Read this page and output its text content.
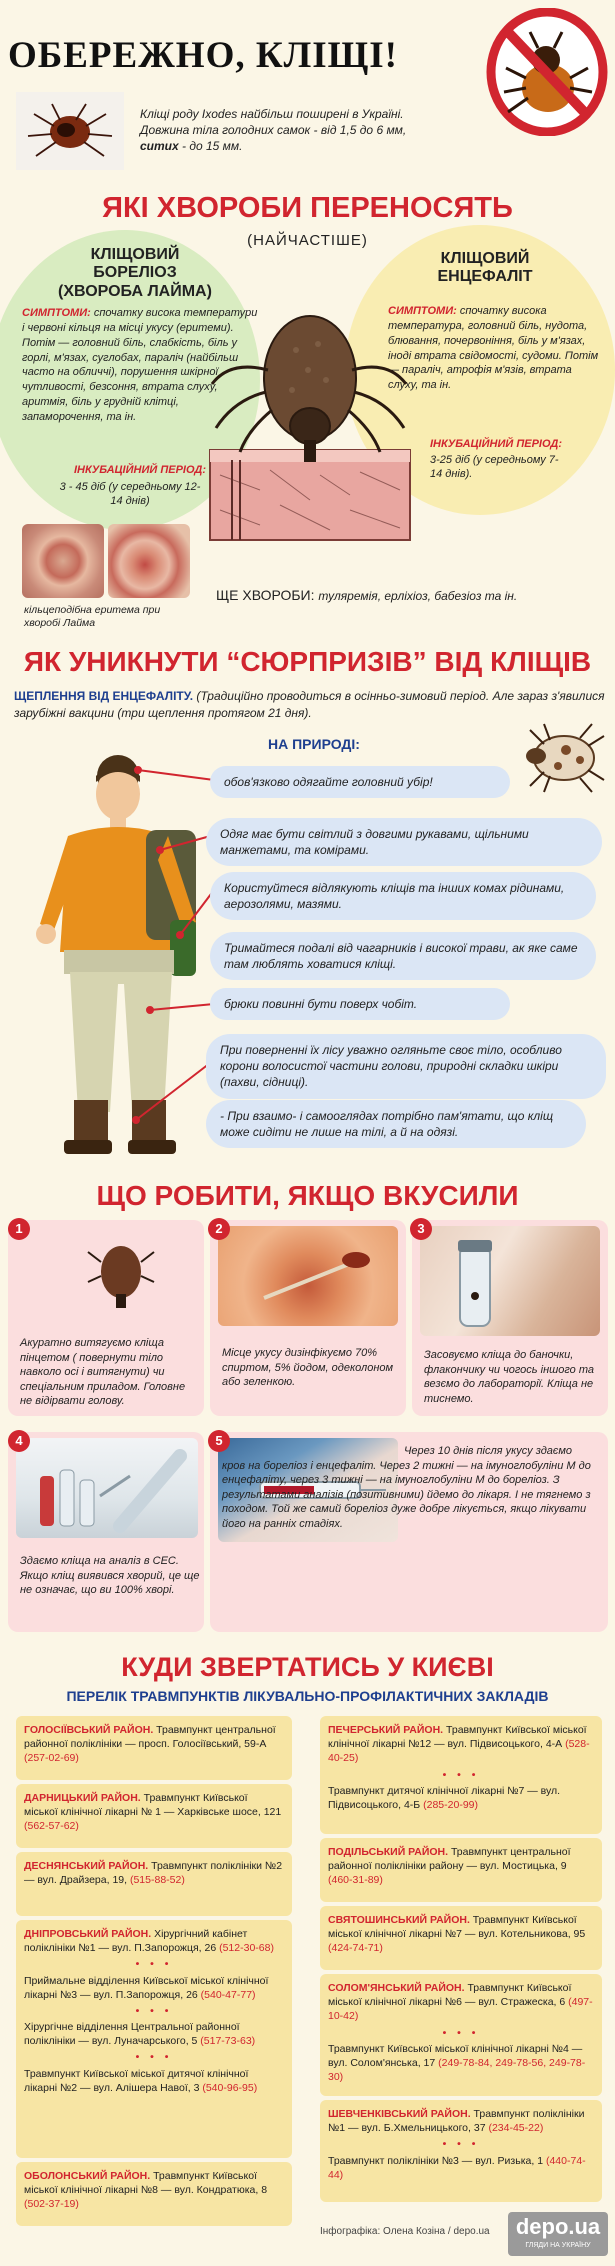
ОБЕРЕЖНО, КЛІЩІ!
Кліщі роду Ixodes найбільш поширені в Україні. Довжина тіла голодних самок - від 1,5 до 6 мм, ситих - до 15 мм.
ЯКІ ХВОРОБИ ПЕРЕНОСЯТЬ
(НАЙЧАСТІШЕ)
КЛІЩОВИЙ БОРЕЛІОЗ (ХВОРОБА ЛАЙМА)
СИМПТОМИ: спочатку висока температури і червоні кільця на місці укусу (еритеми). Потім — головний біль, слабкість, біль у горлі, м'язах, суглобах, параліч (найбільш часто на обличчі), порушення шкірної чутливості, безсоння, втрата слуху, аритмія, біль у грудній клітці, запаморочення, та ін.
ІНКУБАЦІЙНИЙ ПЕРІОД:
3 - 45 діб (у середньому 12-14 днів)
КЛІЩОВИЙ ЕНЦЕФАЛІТ
СИМПТОМИ: спочатку висока температура, головний біль, нудота, блювання, почервоніння, біль у м'язах, іноді втрата свідомості, судоми. Потім — параліч, атрофія м'язів, втрата слуху, та ін.
ІНКУБАЦІЙНИЙ ПЕРІОД:
3-25 діб (у середньому 7-14 днів).
кільцеподібна еритема при хворобі Лайма
ЩЕ ХВОРОБИ: туляремія, ерліхіоз, бабезіоз та ін.
ЯК УНИКНУТИ “СЮРПРИЗІВ” ВІД КЛІЩІВ
ЩЕПЛЕННЯ ВІД ЕНЦЕФАЛІТУ. (Традиційно проводиться в осінньо-зимовий період. Але зараз з'явилися зарубіжні вакцини (три щеплення протягом 21 дня).
НА ПРИРОДІ:
обов'язково одягайте головний убір!
Одяг має бути світлий з довгими рукавами, щільними манжетами, та комірами.
Користуйтеся відлякують кліщів та інших комах рідинами, аерозолями, мазями.
Тримайтеся подалі від чагарників і високої трави, ак яке саме там люблять ховатися кліщі.
брюки повинні бути поверх чобіт.
При поверненні їх лісу уважно огляньте своє тіло, особливо корони волосистої частини голови, природні складки шкіри (пахви, сідниці).
- При взаимо- і самооглядах потрібно пам'ятати, що кліщ може сидіти не лише на тілі, а й на одязі.
ЩО РОБИТИ, ЯКЩО ВКУСИЛИ
1
Акуратно витягуємо кліща пінцетом ( повернути тіло навколо осі і витягнути) чи спеціальним приладом. Головне не відірвати голову.
2
Місце укусу дизінфікуємо 70% спиртом, 5% йодом, одеколоном або зеленкою.
3
Засовуємо кліща до баночки, флакончику чи чогось іншого та везємо до лабораторії. Кліща не тиснемо.
4
Здаємо кліща на аналіз в СЕС. Якщо кліщ виявився хворий, це ще не означає, що ви 100% хворі.
5
Через 10 днів після укусу здаємо кров на бореліоз і енцефаліт. Через 2 тижні — на імуноглобуліни М до енцефаліту, через 3 тижні — на імуноглобуліни М до бореліоз. З результатами аналізів (позитивними) йдемо до лікаря. І не тягнемо з походом. Той же самий бореліоз дуже добре лікується, якщо лікувати його на ранніх стадіях.
КУДИ ЗВЕРТАТИСЬ У КИЄВІ
ПЕРЕЛІК ТРАВМПУНКТІВ ЛІКУВАЛЬНО-ПРОФІЛАКТИЧНИХ ЗАКЛАДІВ
ГОЛОСІЇВСЬКИЙ РАЙОН. Травмпункт центральної районної поліклініки — просп. Голосіївський, 59-А (257-02-69)
ДАРНИЦЬКИЙ РАЙОН. Травмпункт Київської міської клінічної лікарні № 1 — Харківське шосе, 121 (562-57-62)
ДЕСНЯНСЬКИЙ РАЙОН. Травмпункт поліклініки №2 — вул. Драйзера, 19, (515-88-52)
ДНІПРОВСЬКИЙ РАЙОН. Хірургічний кабінет поліклініки №1 — вул. П.Запорожця, 26 (512-30-68)
• • •
Приймальне відділення Київської міської клінічної лікарні №3 — вул. П.Запорожця, 26 (540-47-77)
• • •
Хірургічне відділення Центральної районної поліклініки — вул. Луначарського, 5 (517-73-63)
• • •
Травмпункт Київської міської дитячої клінічної лікарні №2 — вул. Алішера Навої, 3 (540-96-95)
ОБОЛОНСЬКИЙ РАЙОН. Травмпункт Київської міської клінічної лікарні №8 — вул. Кондратюка, 8 (502-37-19)
ПЕЧЕРСЬКИЙ РАЙОН. Травмпункт Київської міської клінічної лікарні №12 — вул. Підвисоцького, 4-А (528-40-25)
• • •
Травмпункт дитячої клінічної лікарні №7 — вул. Підвисоцького, 4-Б (285-20-99)
ПОДІЛЬСЬКИЙ РАЙОН. Травмпункт центральної районної поліклініки району — вул. Мостицька, 9 (460-31-89)
СВЯТОШИНСЬКИЙ РАЙОН. Травмпункт Київської міської клінічної лікарні №7 — вул. Котельникова, 95 (424-74-71)
СОЛОМ'ЯНСЬКИЙ РАЙОН. Травмпункт Київської міської клінічної лікарні №6 — вул. Стражеска, 6 (497-10-42)
• • •
Травмпункт Київської міської клінічної лікарні №4 — вул. Солом'янська, 17 (249-78-84, 249-78-56, 249-78-30)
ШЕВЧЕНКІВСЬКИЙ РАЙОН. Травмпункт поліклініки №1 — вул. Б.Хмельницького, 37 (234-45-22)
• • •
Травмпункт поліклініки №3 — вул. Ризька, 1 (440-74-44)
Інфографіка: Олена Козіна / depo.ua	depo.ua
ГЛЯДИ НА УКРАЇНУ
